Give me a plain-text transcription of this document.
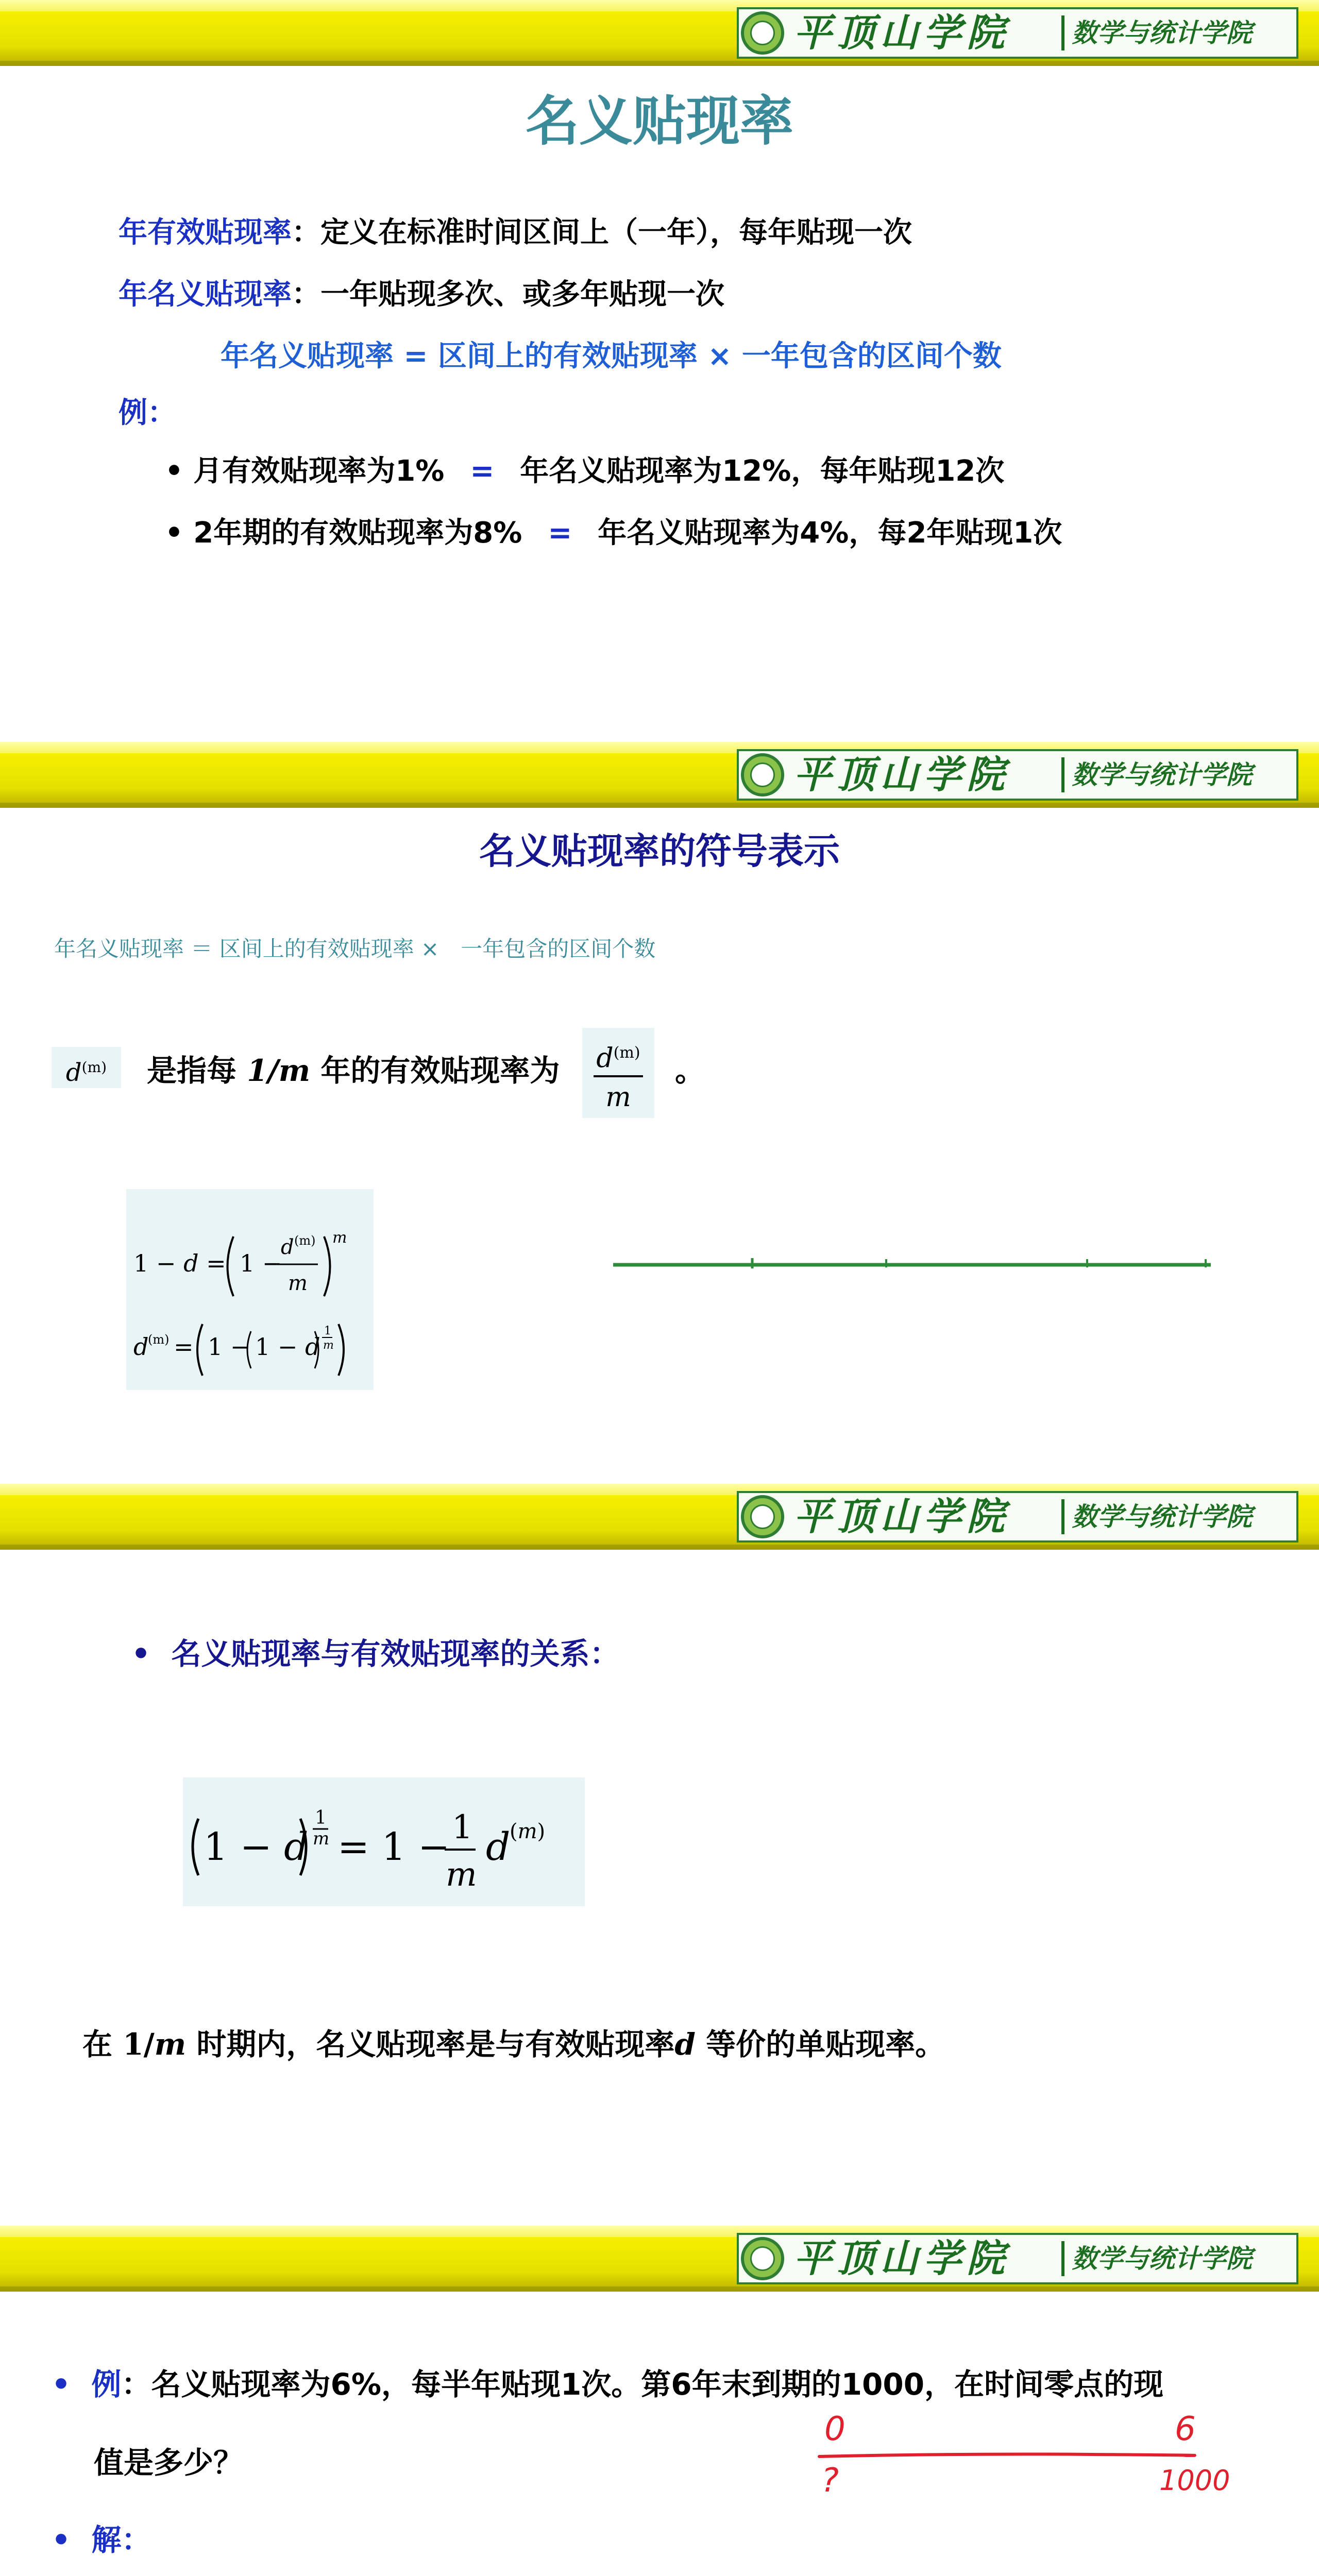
平顶山学院	数学与统计学院
名义贴现率
年有效贴现率：定义在标准时间区间上（一年），每年贴现一次
年名义贴现率：一年贴现多次、或多年贴现一次
年名义贴现率 = 区间上的有效贴现率 × 一年包含的区间个数
例：
• 月有效贴现率为1% = 年名义贴现率为12%，每年贴现12次
• 2年期的有效贴现率为8% = 年名义贴现率为4%，每2年贴现1次
平顶山学院	数学与统计学院
名义贴现率的符号表示
年名义贴现率 ＝ 区间上的有效贴现率 ×　一年包含的区间个数
$d^{(m)}$	是指每 1/m 年的有效贴现率为	$d^{(m)}$
m
。
1 − d = 1 −
d (m)
m
m
d
(m) = 1 − 1 − d
1
m
平顶山学院	数学与统计学院
•  名义贴现率与有效贴现率的关系：
1 − d
1
m = 1 − 1
m
d
(m)
在 1/m 时期内，名义贴现率是与有效贴现率d 等价的单贴现率。
平顶山学院	数学与统计学院
•  例：名义贴现率为6%，每半年贴现1次。第6年末到期的1000，在时间零点的现
值是多少？
•  解：
0
?
6
1000
